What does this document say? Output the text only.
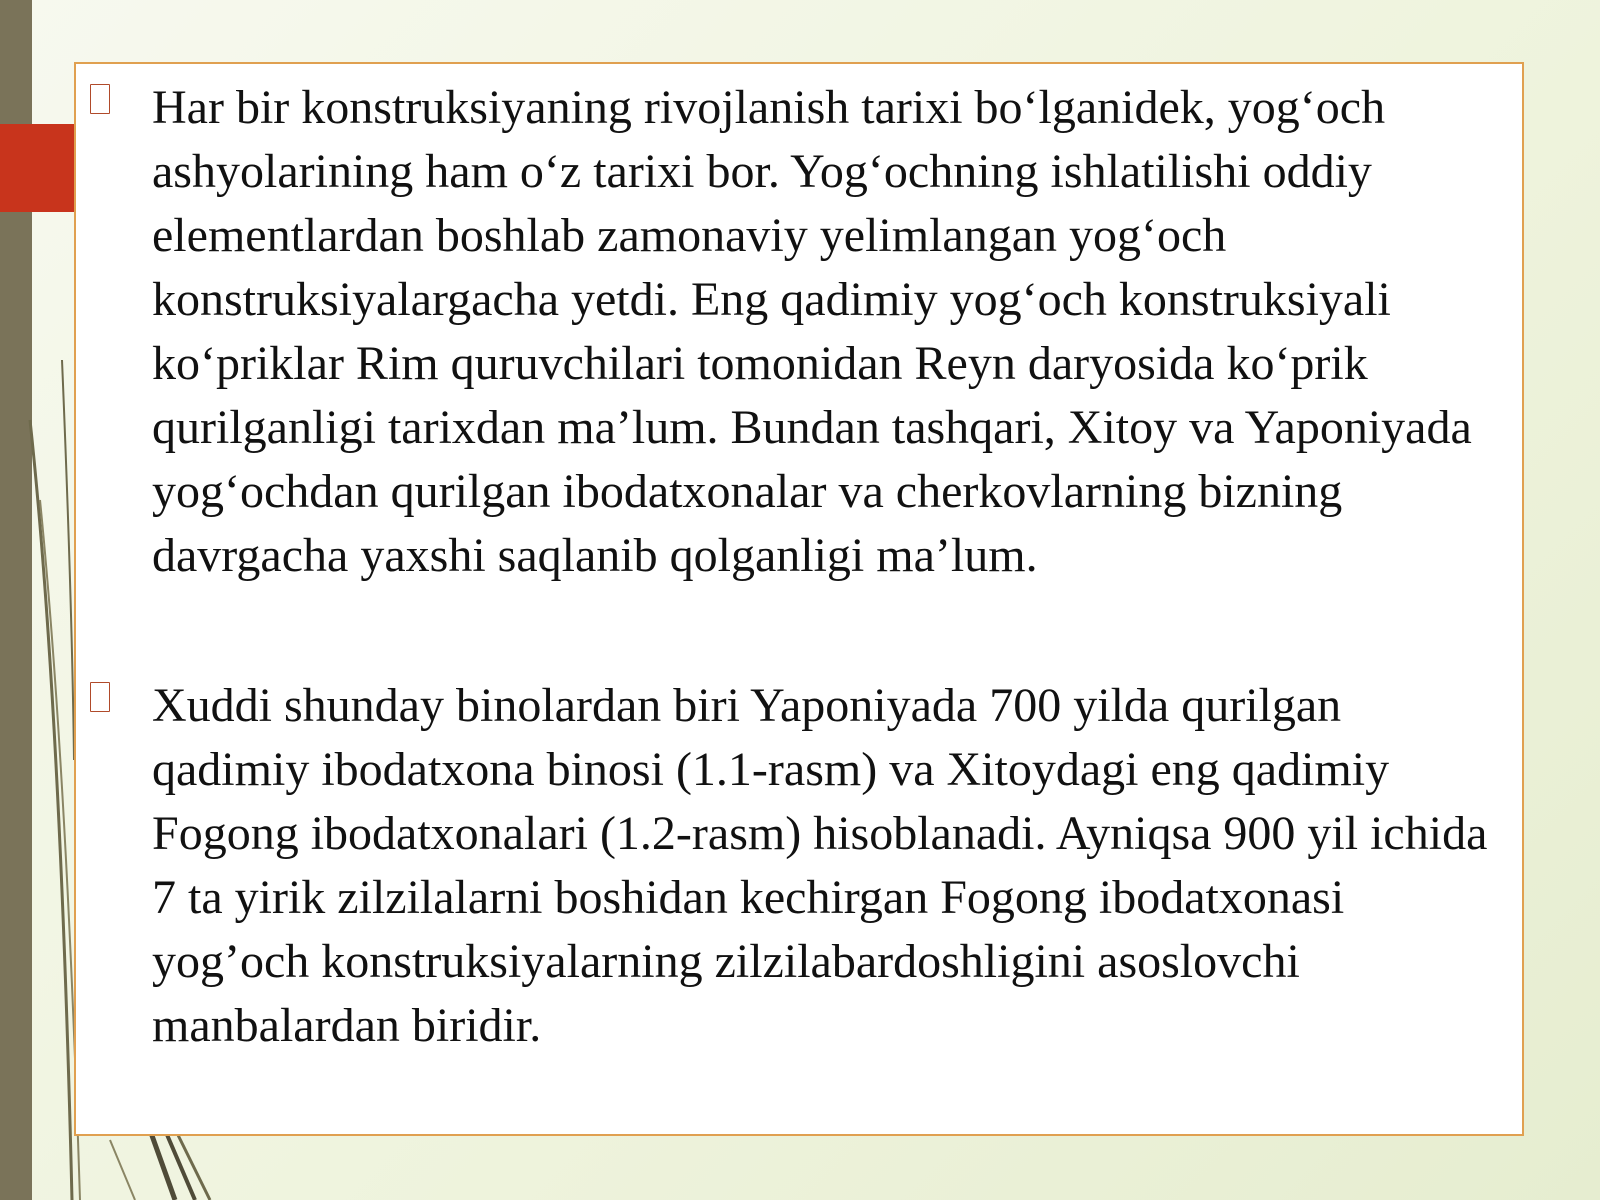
Har bir konstruksiyaning rivojlanish tarixi bo‘lganidek, yog‘och ashyolarining ham o‘z tarixi bor. Yog‘ochning ishlatilishi oddiy elementlardan boshlab zamonaviy yelimlangan yog‘och konstruksiyalargacha yetdi. Eng qadimiy yog‘och konstruksiyali ko‘priklar Rim quruvchilari tomonidan Reyn daryosida ko‘prik qurilganligi tarixdan ma’lum. Bundan tashqari, Xitoy va Yaponiyada yog‘ochdan qurilgan ibodatxonalar va cherkovlarning bizning davrgacha yaxshi saqlanib qolganligi ma’lum.

Xuddi shunday binolardan biri Yaponiyada 700 yilda qurilgan qadimiy ibodatxona binosi (1.1-rasm) va Xitoydagi eng qadimiy Fogong ibodatxonalari (1.2-rasm) hisoblanadi. Ayniqsa 900 yil ichida 7 ta yirik zilzilalarni boshidan kechirgan Fogong ibodatxonasi yog’och konstruksiyalarning zilzilabardoshligini asoslovchi manbalardan biridir.
